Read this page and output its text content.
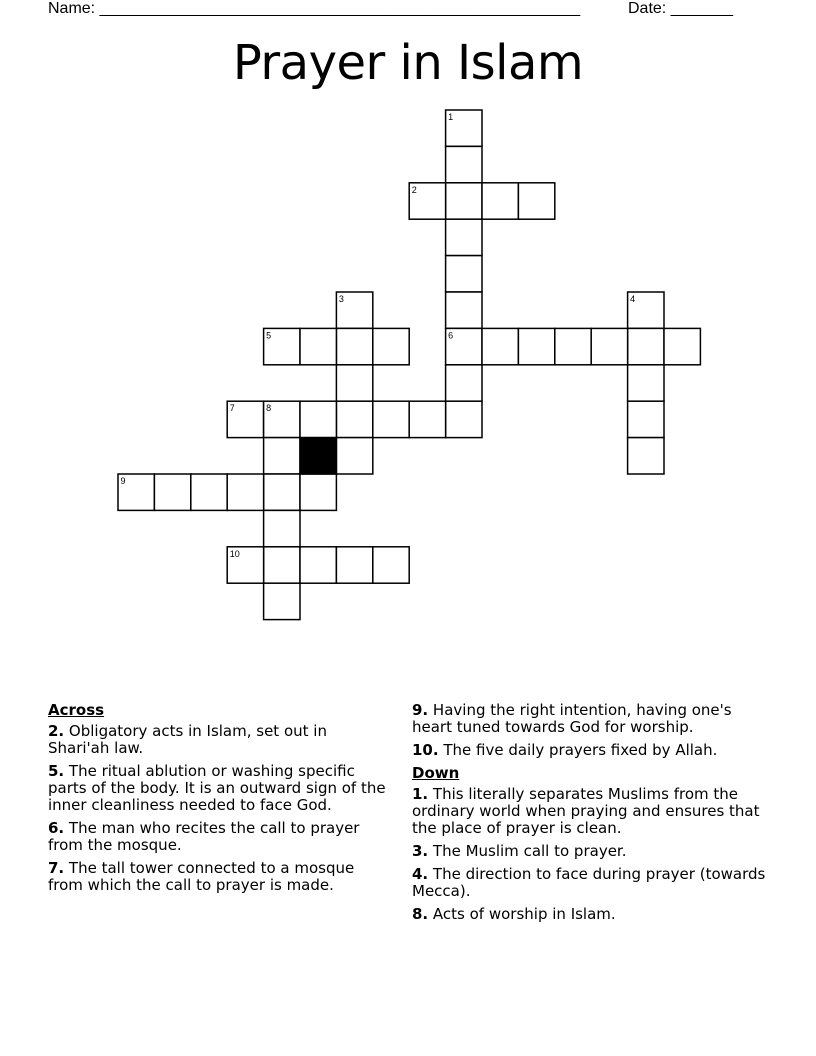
Name: ______________________________________________________	Date: _______
Prayer in Islam
1
2
3	4
5	6
7	8
9
10
Across
2. Obligatory acts in Islam, set out in Shari'ah law.
5. The ritual ablution or washing specific parts of the body. It is an outward sign of the inner cleanliness needed to face God.
6. The man who recites the call to prayer from the mosque.
7. The tall tower connected to a mosque from which the call to prayer is made.
9. Having the right intention, having one's heart tuned towards God for worship.
10. The five daily prayers fixed by Allah.
Down
1. This literally separates Muslims from the ordinary world when praying and ensures that the place of prayer is clean.
3. The Muslim call to prayer.
4. The direction to face during prayer (towards Mecca).
8. Acts of worship in Islam.
